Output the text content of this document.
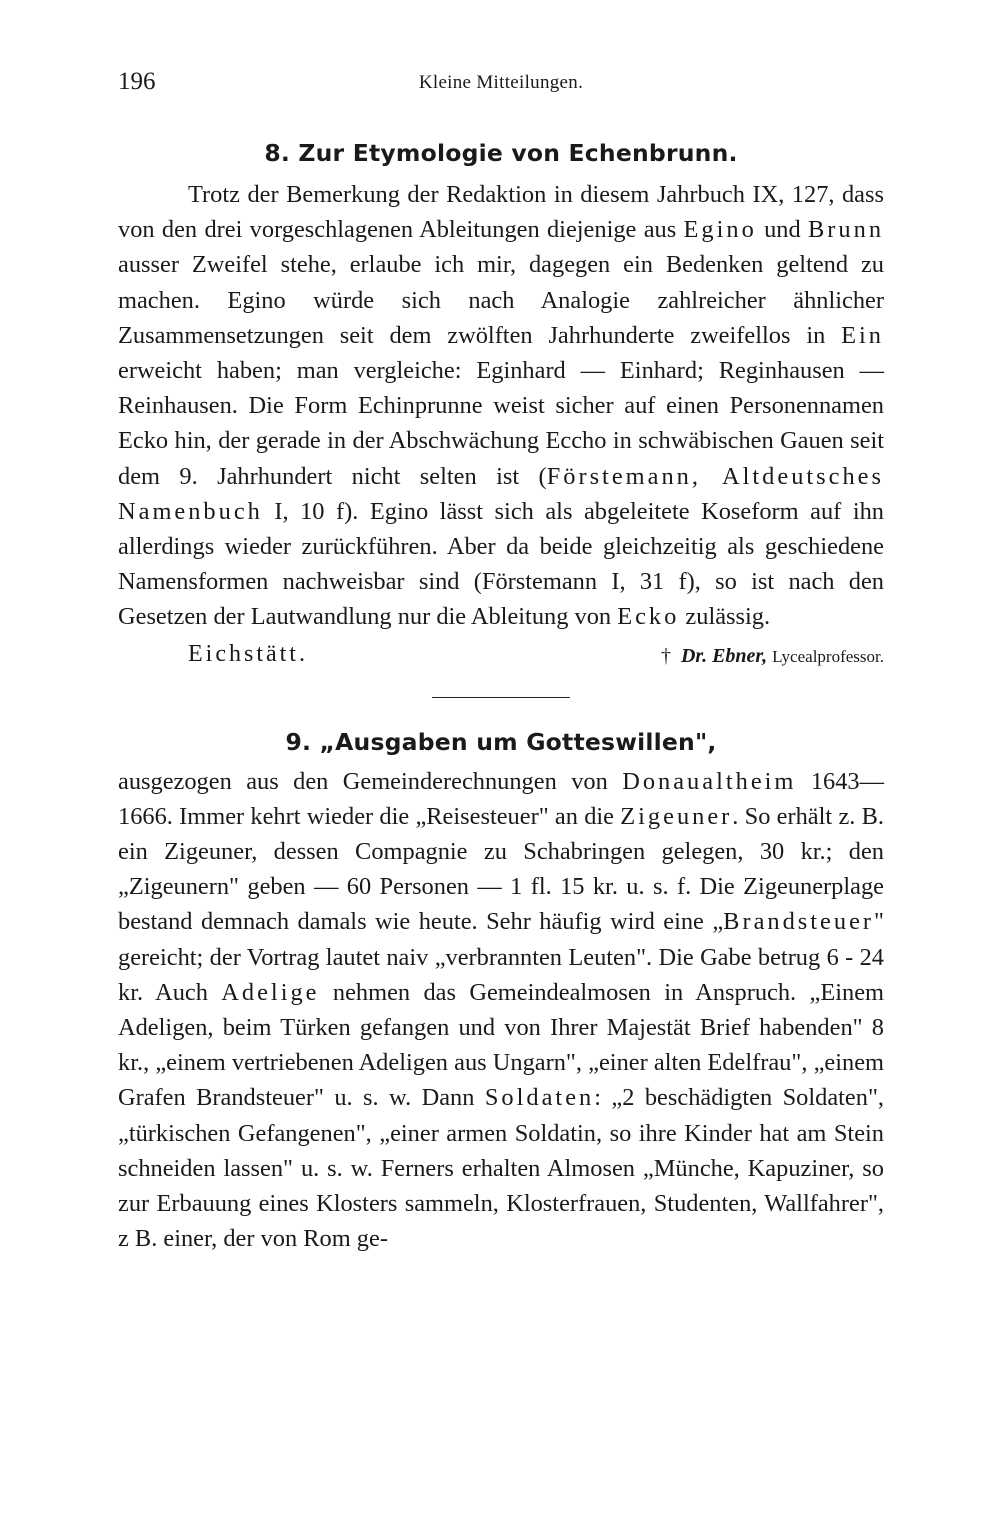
196	Kleine Mitteilungen.
8. Zur Etymologie von Echenbrunn.

Trotz der Bemerkung der Redaktion in diesem Jahrbuch IX, 127, dass von den drei vorgeschlagenen Ableitungen diejenige aus Egino und Brunn ausser Zweifel stehe, erlaube ich mir, dagegen ein Bedenken geltend zu machen. Egino würde sich nach Analogie zahlreicher ähnlicher Zusammensetzungen seit dem zwölften Jahrhunderte zweifellos in Ein erweicht haben; man vergleiche: Eginhard — Einhard; Reginhausen — Reinhausen. Die Form Echinprunne weist sicher auf einen Personennamen Ecko hin, der gerade in der Abschwächung Eccho in schwäbischen Gauen seit dem 9. Jahrhundert nicht selten ist (Förstemann, Altdeutsches Namenbuch I, 10 f). Egino lässt sich als abgeleitete Koseform auf ihn allerdings wieder zurückführen. Aber da beide gleichzeitig als geschiedene Namensformen nachweisbar sind (Förstemann I, 31 f), so ist nach den Gesetzen der Lautwandlung nur die Ableitung von Ecko zulässig.

Eichstätt.	† Dr. Ebner, Lycealprofessor.
9. „Ausgaben um Gotteswillen",

ausgezogen aus den Gemeinderechnungen von Donaualtheim 1643—1666. Immer kehrt wieder die „Reisesteuer" an die Zigeuner. So erhält z. B. ein Zigeuner, dessen Compagnie zu Schabringen gelegen, 30 kr.; den „Zigeunern" geben — 60 Personen — 1 fl. 15 kr. u. s. f. Die Zigeunerplage bestand demnach damals wie heute. Sehr häufig wird eine „Brandsteuer" gereicht; der Vortrag lautet naiv „verbrannten Leuten". Die Gabe betrug 6 - 24 kr. Auch Adelige nehmen das Gemeindealmosen in Anspruch. „Einem Adeligen, beim Türken gefangen und von Ihrer Majestät Brief habenden" 8 kr., „einem vertriebenen Adeligen aus Ungarn", „einer alten Edelfrau", „einem Grafen Brandsteuer" u. s. w. Dann Soldaten: „2 beschädigten Soldaten", „türkischen Gefangenen", „einer armen Soldatin, so ihre Kinder hat am Stein schneiden lassen" u. s. w. Ferners erhalten Almosen „Münche, Kapuziner, so zur Erbauung eines Klosters sammeln, Klosterfrauen, Studenten, Wallfahrer", z B. einer, der von Rom ge-
